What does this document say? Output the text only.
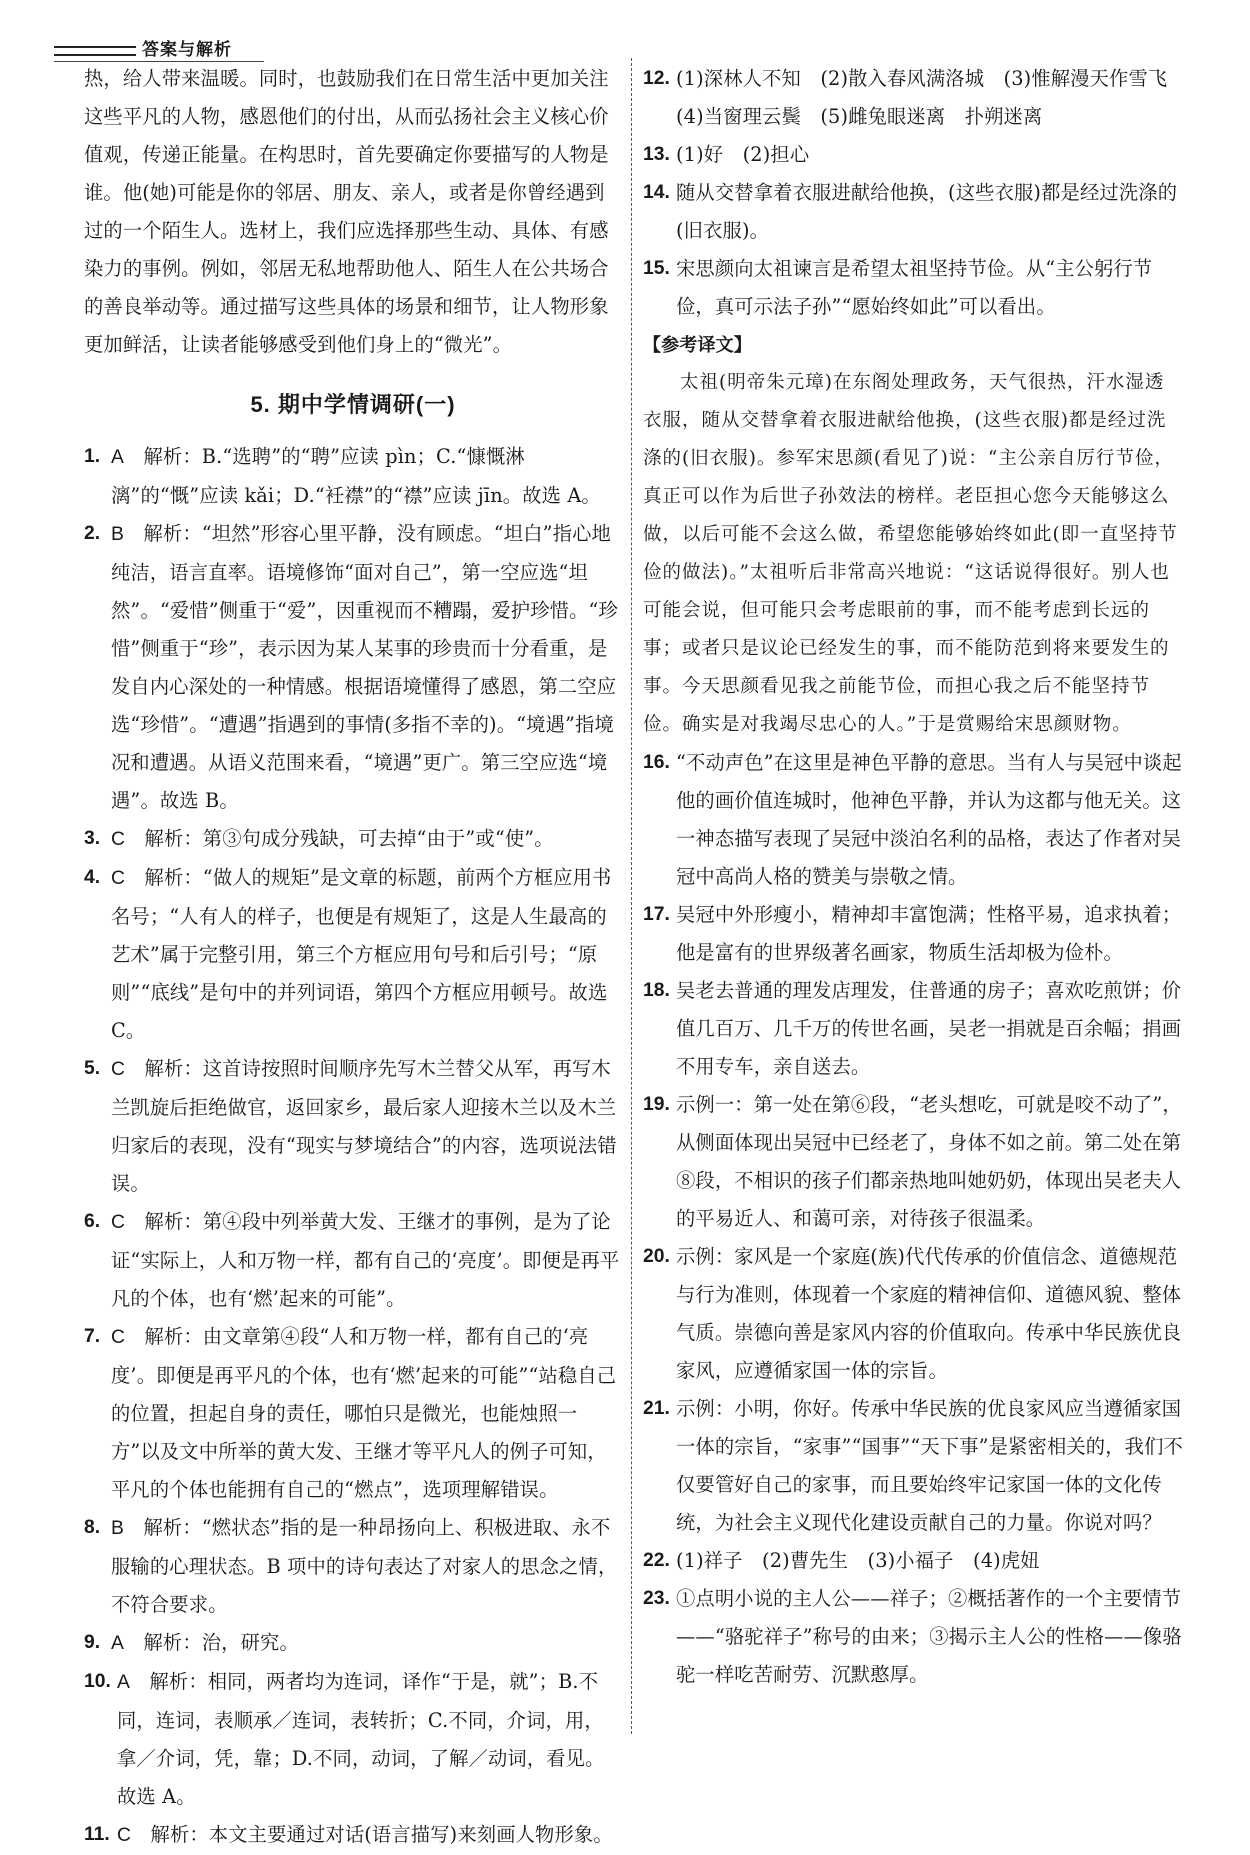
答案与解析

热，给人带来温暖。同时，也鼓励我们在日常生活中更加关注这些平凡的人物，感恩他们的付出，从而弘扬社会主义核心价值观，传递正能量。在构思时，首先要确定你要描写的人物是谁。他(她)可能是你的邻居、朋友、亲人，或者是你曾经遇到过的一个陌生人。选材上，我们应选择那些生动、具体、有感染力的事例。例如，邻居无私地帮助他人、陌生人在公共场合的善良举动等。通过描写这些具体的场景和细节，让人物形象更加鲜活，让读者能够感受到他们身上的“微光”。

5. 期中学情调研(一)

1. A  解析：B.“选聘”的“聘”应读 pìn；C.“慷慨淋漓”的“慨”应读 kǎi；D.“衽襟”的“襟”应读 jīn。故选 A。

2. B  解析：“坦然”形容心里平静，没有顾虑。“坦白”指心地纯洁，语言直率。语境修饰“面对自己”，第一空应选“坦然”。“爱惜”侧重于“爱”，因重视而不糟蹋，爱护珍惜。“珍惜”侧重于“珍”，表示因为某人某事的珍贵而十分看重，是发自内心深处的一种情感。根据语境懂得了感恩，第二空应选“珍惜”。“遭遇”指遇到的事情(多指不幸的)。“境遇”指境况和遭遇。从语义范围来看，“境遇”更广。第三空应选“境遇”。故选 B。

3. C  解析：第③句成分残缺，可去掉“由于”或“使”。

4. C  解析：“做人的规矩”是文章的标题，前两个方框应用书名号；“人有人的样子，也便是有规矩了，这是人生最高的艺术”属于完整引用，第三个方框应用句号和后引号；“原则”“底线”是句中的并列词语，第四个方框应用顿号。故选 C。

5. C  解析：这首诗按照时间顺序先写木兰替父从军，再写木兰凯旋后拒绝做官，返回家乡，最后家人迎接木兰以及木兰归家后的表现，没有“现实与梦境结合”的内容，选项说法错误。

6. C  解析：第④段中列举黄大发、王继才的事例，是为了论证“实际上，人和万物一样，都有自己的‘亮度’。即便是再平凡的个体，也有‘燃’起来的可能”。

7. C  解析：由文章第④段“人和万物一样，都有自己的‘亮度’。即便是再平凡的个体，也有‘燃’起来的可能”“站稳自己的位置，担起自身的责任，哪怕只是微光，也能烛照一方”以及文中所举的黄大发、王继才等平凡人的例子可知，平凡的个体也能拥有自己的“燃点”，选项理解错误。

8. B  解析：“燃状态”指的是一种昂扬向上、积极进取、永不服输的心理状态。B 项中的诗句表达了对家人的思念之情，不符合要求。

9. A  解析：治，研究。

10. A  解析：相同，两者均为连词，译作“于是，就”；B.不同，连词，表顺承／连词，表转折；C.不同，介词，用，拿／介词，凭，靠；D.不同，动词，了解／动词，看见。故选 A。

11. C  解析：本文主要通过对话(语言描写)来刻画人物形象。

12. (1)深林人不知　(2)散入春风满洛城　(3)惟解漫天作雪飞　(4)当窗理云鬓　(5)雌兔眼迷离　扑朔迷离

13. (1)好　(2)担心

14. 随从交替拿着衣服进献给他换，(这些衣服)都是经过洗涤的(旧衣服)。

15. 宋思颜向太祖谏言是希望太祖坚持节俭。从“主公躬行节俭，真可示法子孙”“愿始终如此”可以看出。

【参考译文】

太祖(明帝朱元璋)在东阁处理政务，天气很热，汗水湿透衣服，随从交替拿着衣服进献给他换，(这些衣服)都是经过洗涤的(旧衣服)。参军宋思颜(看见了)说：“主公亲自厉行节俭，真正可以作为后世子孙效法的榜样。老臣担心您今天能够这么做，以后可能不会这么做，希望您能够始终如此(即一直坚持节俭的做法)。”太祖听后非常高兴地说：“这话说得很好。别人也可能会说，但可能只会考虑眼前的事，而不能考虑到长远的事；或者只是议论已经发生的事，而不能防范到将来要发生的事。今天思颜看见我之前能节俭，而担心我之后不能坚持节俭。确实是对我竭尽忠心的人。”于是赏赐给宋思颜财物。

16. “不动声色”在这里是神色平静的意思。当有人与吴冠中谈起他的画价值连城时，他神色平静，并认为这都与他无关。这一神态描写表现了吴冠中淡泊名利的品格，表达了作者对吴冠中高尚人格的赞美与崇敬之情。

17. 吴冠中外形瘦小，精神却丰富饱满；性格平易，追求执着；他是富有的世界级著名画家，物质生活却极为俭朴。

18. 吴老去普通的理发店理发，住普通的房子；喜欢吃煎饼；价值几百万、几千万的传世名画，吴老一捐就是百余幅；捐画不用专车，亲自送去。

19. 示例一：第一处在第⑥段，“老头想吃，可就是咬不动了”，从侧面体现出吴冠中已经老了，身体不如之前。第二处在第⑧段，不相识的孩子们都亲热地叫她奶奶，体现出吴老夫人的平易近人、和蔼可亲，对待孩子很温柔。

20. 示例：家风是一个家庭(族)代代传承的价值信念、道德规范与行为准则，体现着一个家庭的精神信仰、道德风貌、整体气质。崇德向善是家风内容的价值取向。传承中华民族优良家风，应遵循家国一体的宗旨。

21. 示例：小明，你好。传承中华民族的优良家风应当遵循家国一体的宗旨，“家事”“国事”“天下事”是紧密相关的，我们不仅要管好自己的家事，而且要始终牢记家国一体的文化传统，为社会主义现代化建设贡献自己的力量。你说对吗？

22. (1)祥子　(2)曹先生　(3)小福子　(4)虎妞

23. ①点明小说的主人公——祥子；②概括著作的一个主要情节——“骆驼祥子”称号的由来；③揭示主人公的性格——像骆驼一样吃苦耐劳、沉默憨厚。
